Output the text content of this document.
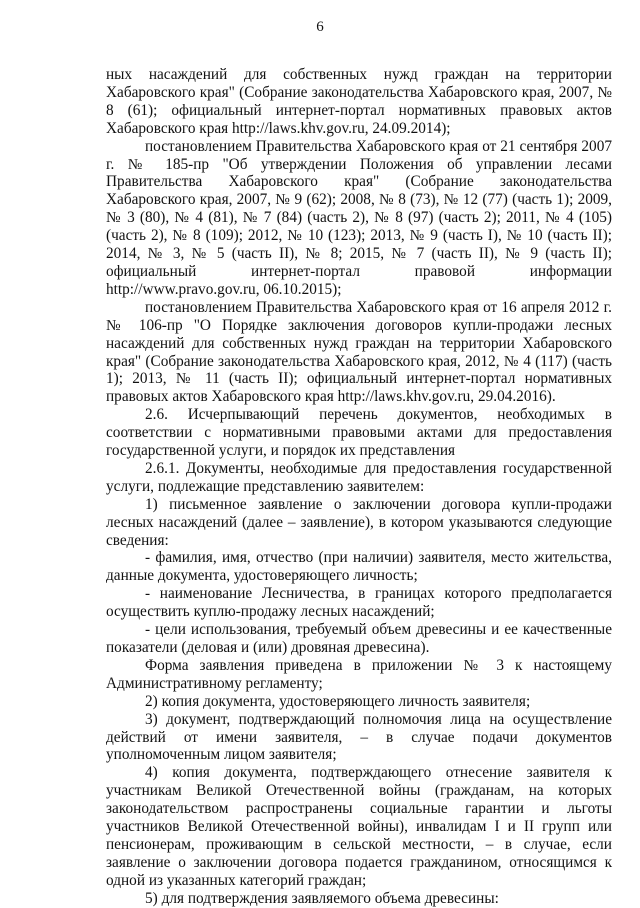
6

ных насаждений для собственных нужд граждан на территории Хабаровского края" (Собрание законодательства Хабаровского края, 2007, № 8 (61); официальный интернет-портал нормативных правовых актов Хабаровского края http://laws.khv.gov.ru, 24.09.2014);

постановлением Правительства Хабаровского края от 21 сентября 2007 г. № 185-пр "Об утверждении Положения об управлении лесами Правительства Хабаровского края" (Собрание законодательства Хабаровского края, 2007, № 9 (62); 2008, № 8 (73), № 12 (77) (часть 1); 2009, № 3 (80), № 4 (81), № 7 (84) (часть 2), № 8 (97) (часть 2); 2011, № 4 (105) (часть 2), № 8 (109); 2012, № 10 (123); 2013, № 9 (часть I), № 10 (часть II); 2014, № 3, № 5 (часть II), № 8; 2015, № 7 (часть II), № 9 (часть II); официальный интернет-портал правовой информации http://www.pravo.gov.ru, 06.10.2015);

постановлением Правительства Хабаровского края от 16 апреля 2012 г. № 106-пр "О Порядке заключения договоров купли-продажи лесных насаждений для собственных нужд граждан на территории Хабаровского края" (Собрание законодательства Хабаровского края, 2012, № 4 (117) (часть 1); 2013, № 11 (часть II); официальный интернет-портал нормативных правовых актов Хабаровского края http://laws.khv.gov.ru, 29.04.2016).

2.6. Исчерпывающий перечень документов, необходимых в соответствии с нормативными правовыми актами для предоставления государственной услуги, и порядок их представления

2.6.1. Документы, необходимые для предоставления государственной услуги, подлежащие представлению заявителем:

1) письменное заявление о заключении договора купли-продажи лесных насаждений (далее – заявление), в котором указываются следующие сведения:

- фамилия, имя, отчество (при наличии) заявителя, место жительства, данные документа, удостоверяющего личность;

- наименование Лесничества, в границах которого предполагается осуществить куплю-продажу лесных насаждений;

- цели использования, требуемый объем древесины и ее качественные показатели (деловая и (или) дровяная древесина).

Форма заявления приведена в приложении № 3 к настоящему Административному регламенту;

2) копия документа, удостоверяющего личность заявителя;

3) документ, подтверждающий полномочия лица на осуществление действий от имени заявителя, – в случае подачи документов уполномоченным лицом заявителя;

4) копия документа, подтверждающего отнесение заявителя к участникам Великой Отечественной войны (гражданам, на которых законодательством распространены социальные гарантии и льготы участников Великой Отечественной войны), инвалидам I и II групп или пенсионерам, проживающим в сельской местности, – в случае, если заявление о заключении договора подается гражданином, относящимся к одной из указанных категорий граждан;

5) для подтверждения заявляемого объема древесины:
